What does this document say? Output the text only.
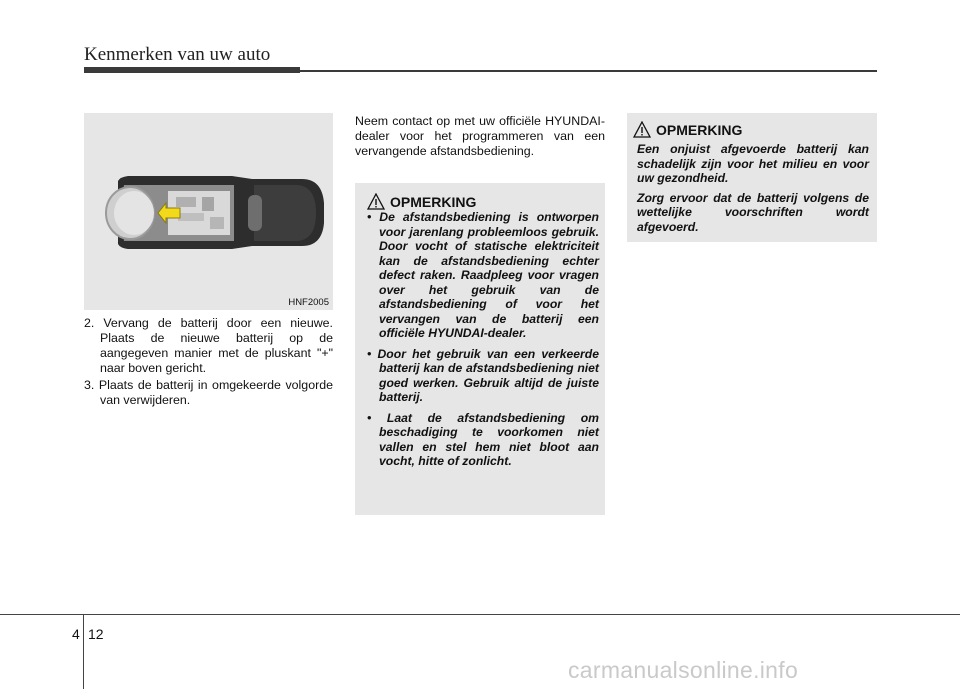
Kenmerken van uw auto
HNF2005
2. Vervang de batterij door een nieuwe. Plaats de nieuwe batterij op de aangegeven manier met de pluskant "+" naar boven gericht.
3. Plaats de batterij in omgekeerde volgorde van verwijderen.
Neem contact op met uw officiële HYUNDAI-dealer voor het programmeren van een vervangende afstandsbediening.
OPMERKING
• De afstandsbediening is ontworpen voor jarenlang probleemloos gebruik. Door vocht of statische elektriciteit kan de afstandsbediening echter defect raken. Raadpleeg voor vragen over het gebruik van de afstandsbediening of voor het vervangen van de batterij een officiële HYUNDAI-dealer.
• Door het gebruik van een verkeerde batterij kan de afstandsbediening niet goed werken. Gebruik altijd de juiste batterij.
• Laat de afstandsbediening om beschadiging te voorkomen niet vallen en stel hem niet bloot aan vocht, hitte of zonlicht.
OPMERKING
Een onjuist afgevoerde batterij kan schadelijk zijn voor het milieu en voor uw gezondheid.
Zorg ervoor dat de batterij volgens de wettelijke voorschriften wordt afgevoerd.
4 12
carmanualsonline.info
